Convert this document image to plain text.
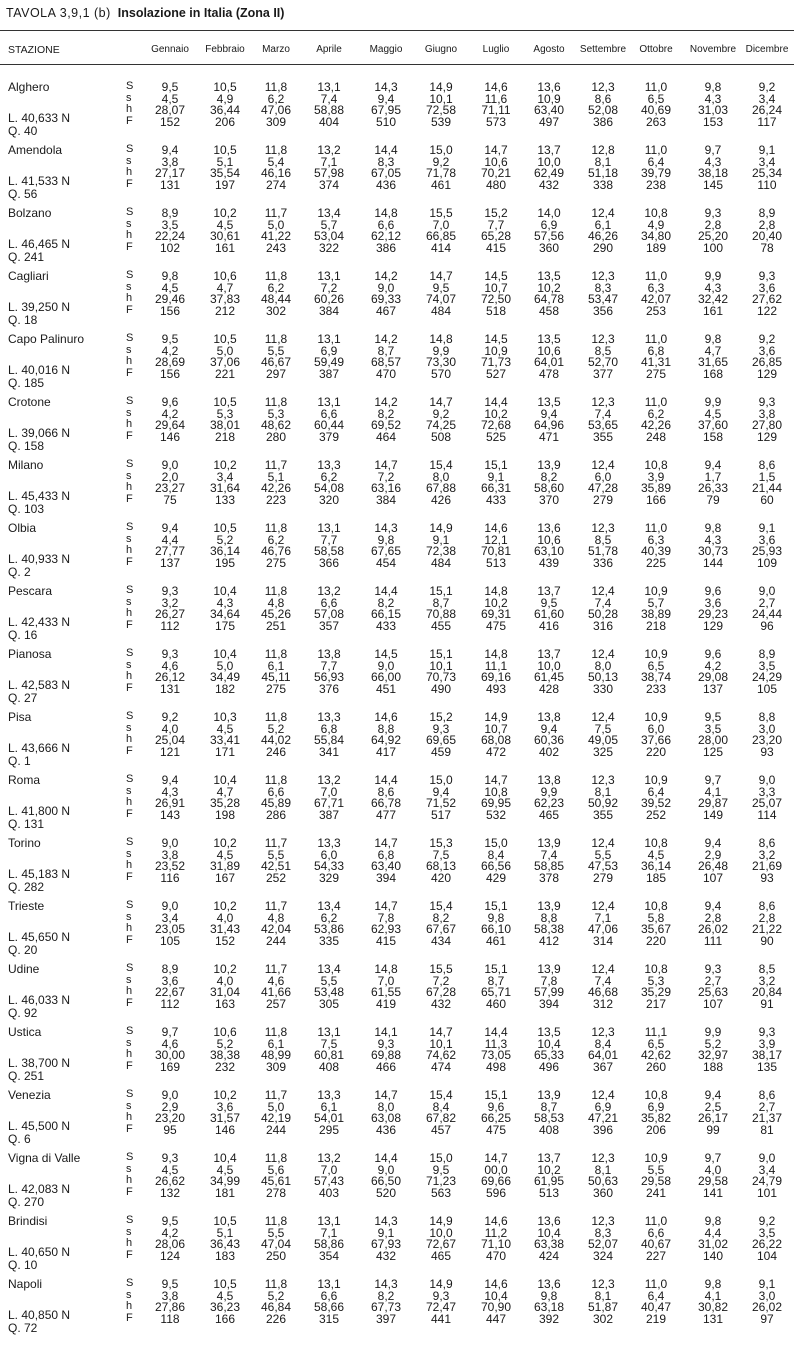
TAVOLA 3,9,1 (b) Insolazione in Italia (Zona II)
STAZIONE	Gennaio	Febbraio	Marzo	Aprile	Maggio	Giugno	Luglio	Agosto	Settembre	Ottobre	Novembre Dicembre
Alghero
L. 40,633 N
Q. 40
S	9,5	10,5	11,8	13,1	14,3	14,9	14,6	13,6	12,3	11,0	9,8	9,2
s	4,5	4,9	6,2	7,4	9,4	10,1	11,6	10,9	8,6	6,5	4,3	3,4
h	28,07	36,44	47,06	58,88	67,95	72,58	71,11	63,40	52,08	40,69	31,03	26,24
F	152	206	309	404	510	539	573	497	386	263	153	117
Amendola
L. 41,533 N
Q. 56
S	9,4	10,5	11,8	13,2	14,4	15,0	14,7	13,7	12,8	11,0	9,7	9,1
s	3,8	5,1	5,4	7,1	8,3	9,2	10,6	10,0	8,1	6,4	4,3	3,4
h	27,17	35,54	46,16	57,98	67,05	71,78	70,21	62,49	51,18	39,79	38,18	25,34
F	131	197	274	374	436	461	480	432	338	238	145	110
Bolzano
L. 46,465 N
Q. 241
S	8,9	10,2	11,7	13,4	14,8	15,5	15,2	14,0	12,4	10,8	9,3	8,9
s	3,5	4,5	5,0	5,7	6,6	7,0	7,7	6,9	6,1	4,9	2,8	2,8
h	22,24	30,61	41,22	53,04	62,12	66,85	65,28	57,56	46,26	34,80	25,20	20,40
F	102	161	243	322	386	414	415	360	290	189	100	78
Cagliari
L. 39,250 N
Q. 18
S	9,8	10,6	11,8	13,1	14,2	14,7	14,5	13,5	12,3	11,0	9,9	9,3
s	4,5	4,7	6,2	7,2	9,0	9,5	10,7	10,2	8,3	6,3	4,3	3,6
h	29,46	37,83	48,44	60,26	69,33	74,07	72,50	64,78	53,47	42,07	32,42	27,62
F	156	212	302	384	467	484	518	458	356	253	161	122
Capo Palinuro
L. 40,016 N
Q. 185
S	9,5	10,5	11,8	13,1	14,2	14,8	14,5	13,5	12,3	11,0	9,8	9,2
s	4,2	5,0	5,5	6,9	8,7	9,9	10,9	10,6	8,5	6,8	4,7	3,6
h	28,69	37,06	46,67	59,49	68,57	73,30	71,73	64,01	52,70	41,31	31,65	26,85
F	156	221	297	387	470	570	527	478	377	275	168	129
Crotone
L. 39,066 N
Q. 158
S	9,6	10,5	11,8	13,1	14,2	14,7	14,4	13,5	12,3	11,0	9,9	9,3
s	4,2	5,3	5,3	6,6	8,2	9,2	10,2	9,4	7,4	6,2	4,5	3,8
h	29,64	38,01	48,62	60,44	69,52	74,25	72,68	64,96	53,65	42,26	37,60	27,80
F	146	218	280	379	464	508	525	471	355	248	158	129
Milano
L. 45,433 N
Q. 103
S	9,0	10,2	11,7	13,3	14,7	15,4	15,1	13,9	12,4	10,8	9,4	8,6
s	2,0	3,4	5,1	6,2	7,2	8,0	9,1	8,2	6,0	3,9	1,7	1,5
h	23,27	31,64	42,26	54,08	63,16	67,88	66,31	58,60	47,28	35,89	26,33	21,44
F	75	133	223	320	384	426	433	370	279	166	79	60
Olbia
L. 40,933 N
Q. 2
S	9,4	10,5	11,8	13,1	14,3	14,9	14,6	13,6	12,3	11,0	9,8	9,1
s	4,4	5,2	6,2	7,7	9,8	9,1	12,1	10,6	8,5	6,3	4,3	3,6
h	27,77	36,14	46,76	58,58	67,65	72,38	70,81	63,10	51,78	40,39	30,73	25,93
F	137	195	275	366	454	484	513	439	336	225	144	109
Pescara
L. 42,433 N
Q. 16
S	9,3	10,4	11,8	13,2	14,4	15,1	14,8	13,7	12,4	10,9	9,6	9,0
s	3,2	4,3	4,8	6,6	8,2	8,7	10,2	9,5	7,4	5,7	3,6	2,7
h	26,27	34,64	45,26	57,08	66,15	70,88	69,31	61,60	50,28	38,89	29,23	24,44
F	112	175	251	357	433	455	475	416	316	218	129	96
Pianosa
L. 42,583 N
Q. 27
S	9,3	10,4	11,8	13,8	14,5	15,1	14,8	13,7	12,4	10,9	9,6	8,9
s	4,6	5,0	6,1	7,7	9,0	10,1	11,1	10,0	8,0	6,5	4,2	3,5
h	26,12	34,49	45,11	56,93	66,00	70,73	69,16	61,45	50,13	38,74	29,08	24,29
F	131	182	275	376	451	490	493	428	330	233	137	105
Pisa
L. 43,666 N
Q. 1
S	9,2	10,3	11,8	13,3	14,6	15,2	14,9	13,8	12,4	10,9	9,5	8,8
s	4,0	4,5	5,2	6,8	8,8	9,3	10,7	9,4	7,5	6,0	3,5	3,0
h	25,04	33,41	44,02	55,84	64,92	69,65	68,08	60,36	49,05	37,66	28,00	23,20
F	121	171	246	341	417	459	472	402	325	220	125	93
Roma
L. 41,800 N
Q. 131
S	9,4	10,4	11,8	13,2	14,4	15,0	14,7	13,8	12,3	10,9	9,7	9,0
s	4,3	4,7	6,6	7,0	8,6	9,4	10,8	9,9	8,1	6,4	4,1	3,3
h	26,91	35,28	45,89	67,71	66,78	71,52	69,95	62,23	50,92	39,52	29,87	25,07
F	143	198	286	387	477	517	532	465	355	252	149	114
Torino
L. 45,183 N
Q. 282
S	9,0	10,2	11,7	13,3	14,7	15,3	15,0	13,9	12,4	10,8	9,4	8,6
s	3,8	4,5	5,5	6,0	6,8	7,5	8,4	7,4	5,5	4,5	2,9	3,2
h	23,52	31,89	42,51	54,33	63,40	68,13	66,56	58,85	47,53	36,14	26,48	21,69
F	116	167	252	329	394	420	429	378	279	185	107	93
Trieste
L. 45,650 N
Q. 20
S	9,0	10,2	11,7	13,4	14,7	15,4	15,1	13,9	12,4	10,8	9,4	8,6
s	3,4	4,0	4,8	6,2	7,8	8,2	9,8	8,8	7,1	5,8	2,8	2,8
h	23,05	31,43	42,04	53,86	62,93	67,67	66,10	58,38	47,06	35,67	26,02	21,22
F	105	152	244	335	415	434	461	412	314	220	111	90
Udine
L. 46,033 N
Q. 92
S	8,9	10,2	11,7	13,4	14,8	15,5	15,1	13,9	12,4	10,8	9,3	8,5
s	3,6	4,0	4,6	5,5	7,0	7,2	8,7	7,8	7,4	5,3	2,7	3,2
h	22,67	31,04	41,66	53,48	61,55	67,28	65,71	57,99	46,68	35,29	25,63	20,84
F	112	163	257	305	419	432	460	394	312	217	107	91
Ustica
L. 38,700 N
Q. 251
S	9,7	10,6	11,8	13,1	14,1	14,7	14,4	13,5	12,3	11,1	9,9	9,3
s	4,6	5,2	6,1	7,5	9,3	10,1	11,3	10,4	8,4	6,5	5,2	3,9
h	30,00	38,38	48,99	60,81	69,88	74,62	73,05	65,33	64,01	42,62	32,97	38,17
F	169	232	309	408	466	474	498	496	367	260	188	135
Venezia
L. 45,500 N
Q. 6
S	9,0	10,2	11,7	13,3	14,7	15,4	15,1	13,9	12,4	10,8	9,4	8,6
s	2,9	3,6	5,0	6,1	8,0	8,4	9,6	8,7	6,9	6,9	2,5	2,7
h	23,20	31,57	42,19	54,01	63,08	67,82	66,25	58,53	47,21	35,82	26,17	21,37
F	95	146	244	295	436	457	475	408	396	206	99	81
Vigna di Valle
L. 42,083 N
Q. 270
S	9,3	10,4	11,8	13,2	14,4	15,0	14,7	13,7	12,3	10,9	9,7	9,0
s	4,5	4,5	5,6	7,0	9,0	9,5	00,0	10,2	8,1	5,5	4,0	3,4
h	26,62	34,99	45,61	57,43	66,50	71,23	69,66	61,95	50,63	29,58	29,58	24,79
F	132	181	278	403	520	563	596	513	360	241	141	101
Brindisi
L. 40,650 N
Q. 10
S	9,5	10,5	11,8	13,1	14,3	14,9	14,6	13,6	12,3	11,0	9,8	9,2
s	4,2	5,1	5,5	7,1	9,1	10,0	11,2	10,4	8,3	6,6	4,4	3,5
h	28,06	36,43	47,04	58,86	67,93	72,67	71,10	63,38	52,07	40,67	31,02	26,22
F	124	183	250	354	432	465	470	424	324	227	140	104
Napoli
L. 40,850 N
Q. 72
S	9,5	10,5	11,8	13,1	14,3	14,9	14,6	13,6	12,3	11,0	9,8	9,1
s	3,8	4,5	5,2	6,6	8,2	9,3	10,4	9,8	8,1	6,4	4,1	3,0
h	27,86	36,23	46,84	58,66	67,73	72,47	70,90	63,18	51,87	40,47	30,82	26,02
F	118	166	226	315	397	441	447	392	302	219	131	97
